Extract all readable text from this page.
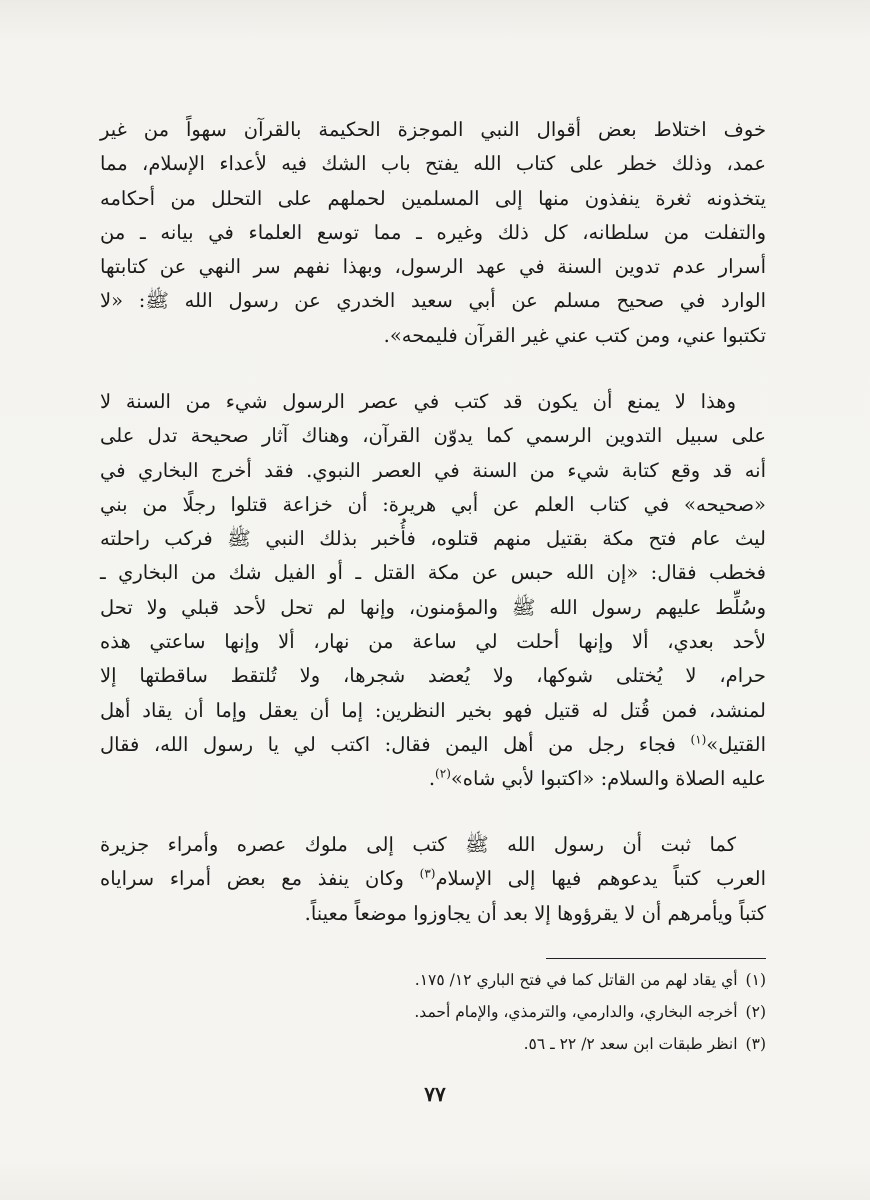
خوف اختلاط بعض أقوال النبي الموجزة الحكيمة بالقرآن سهواً من غير
عمد، وذلك خطر على كتاب الله يفتح باب الشك فيه لأعداء الإسلام، مما
يتخذونه ثغرة ينفذون منها إلى المسلمين لحملهم على التحلل من أحكامه
والتفلت من سلطانه، كل ذلك وغيره ـ مما توسع العلماء في بيانه ـ من
أسرار عدم تدوين السنة في عهد الرسول، وبهذا نفهم سر النهي عن كتابتها
الوارد في صحيح مسلم عن أبي سعيد الخدري عن رسول الله ﷺ: «لا
تكتبوا عني، ومن كتب عني غير القرآن فليمحه».
وهذا لا يمنع أن يكون قد كتب في عصر الرسول شيء من السنة لا
على سبيل التدوين الرسمي كما يدوّن القرآن، وهناك آثار صحيحة تدل على
أنه قد وقع كتابة شيء من السنة في العصر النبوي. فقد أخرج البخاري في
«صحيحه» في كتاب العلم عن أبي هريرة: أن خزاعة قتلوا رجلًا من بني
ليث عام فتح مكة بقتيل منهم قتلوه، فأُخبر بذلك النبي ﷺ فركب راحلته
فخطب فقال: «إن الله حبس عن مكة القتل ـ أو الفيل شك من البخاري ـ
وسُلِّط عليهم رسول الله ﷺ والمؤمنون، وإنها لم تحل لأحد قبلي ولا تحل
لأحد بعدي، ألا وإنها أحلت لي ساعة من نهار، ألا وإنها ساعتي هذه
حرام، لا يُختلى شوكها، ولا يُعضد شجرها، ولا تُلتقط ساقطتها إلا
لمنشد، فمن قُتل له قتيل فهو بخير النظرين: إما أن يعقل وإما أن يقاد أهل
القتيل»$^{(١)}$ فجاء رجل من أهل اليمن فقال: اكتب لي يا رسول الله، فقال
عليه الصلاة والسلام: «اكتبوا لأبي شاه»$^{(٢)}$.
كما ثبت أن رسول الله ﷺ كتب إلى ملوك عصره وأمراء جزيرة
العرب كتباً يدعوهم فيها إلى الإسلام$^{(٣)}$ وكان ينفذ مع بعض أمراء سراياه
كتباً ويأمرهم أن لا يقرؤوها إلا بعد أن يجاوزوا موضعاً معيناً.

(١)أي يقاد لهم من القاتل كما في فتح الباري ١٢/ ١٧٥.

(٢)أخرجه البخاري، والدارمي، والترمذي، والإمام أحمد.

(٣)انظر طبقات ابن سعد ٢/ ٢٢ ـ ٥٦.

٧٧
